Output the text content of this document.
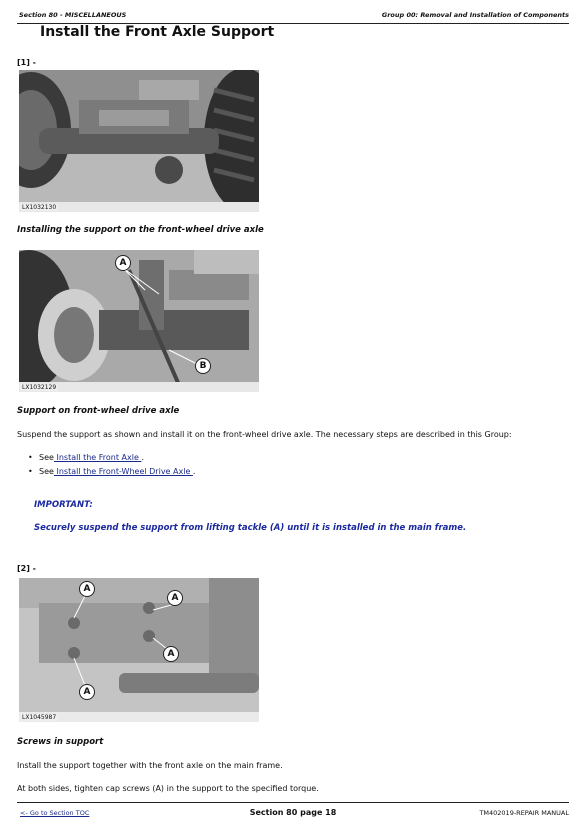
Section 80 - MISCELLANEOUS	Group 00: Removal and Installation of Components
Install the Front Axle Support
[1] -
LX1032130
Installing the support on the front-wheel drive axle
A
B
LX1032129
Support on front-wheel drive axle
Suspend the support as shown and install it on the front-wheel drive axle. The necessary steps are described in this Group:
• See Install the Front Axle .
• See Install the Front-Wheel Drive Axle .
IMPORTANT:
Securely suspend the support from lifting tackle (A) until it is installed in the main frame.
[2] -
A
A
A
A
LX1045987
Screws in support
Install the support together with the front axle on the main frame.
At both sides, tighten cap screws (A) in the support to the specified torque.
<- Go to Section TOC	Section 80 page 18	TM402019-REPAIR MANUAL
